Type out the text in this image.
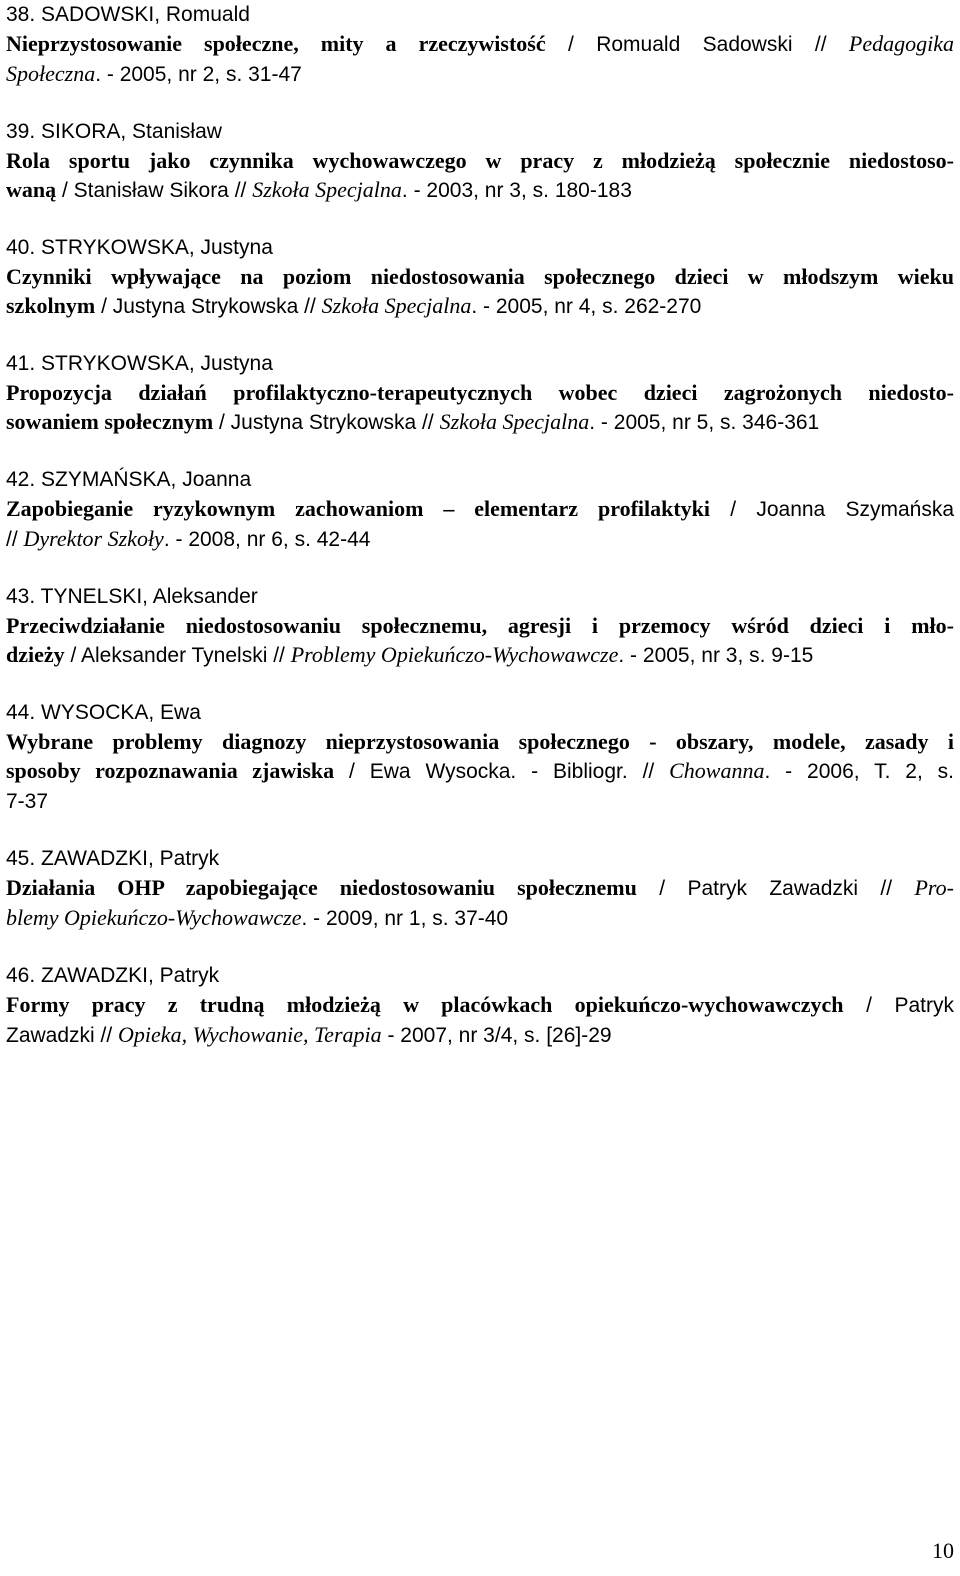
38. SADOWSKI, Romuald
Nieprzystosowanie społeczne, mity a rzeczywistość / Romuald Sadowski // Pedagogika
Społeczna. - 2005, nr 2, s. 31-47
39. SIKORA, Stanisław
Rola sportu jako czynnika wychowawczego w pracy z młodzieżą społecznie niedostoso-
waną / Stanisław Sikora // Szkoła Specjalna. - 2003, nr 3, s. 180-183
40. STRYKOWSKA, Justyna
Czynniki wpływające na poziom niedostosowania społecznego dzieci w młodszym wieku
szkolnym / Justyna Strykowska // Szkoła Specjalna. - 2005, nr 4, s. 262-270
41. STRYKOWSKA, Justyna
Propozycja działań profilaktyczno-terapeutycznych wobec dzieci zagrożonych niedosto-
sowaniem społecznym / Justyna Strykowska // Szkoła Specjalna. - 2005, nr 5, s. 346-361
42. SZYMAŃSKA, Joanna
Zapobieganie ryzykownym zachowaniom – elementarz profilaktyki / Joanna Szymańska
// Dyrektor Szkoły. - 2008, nr 6, s. 42-44
43. TYNELSKI, Aleksander
Przeciwdziałanie niedostosowaniu społecznemu, agresji i przemocy wśród dzieci i mło-
dzieży / Aleksander Tynelski // Problemy Opiekuńczo-Wychowawcze. - 2005, nr 3, s. 9-15
44. WYSOCKA, Ewa
Wybrane problemy diagnozy nieprzystosowania społecznego - obszary, modele, zasady i
sposoby rozpoznawania zjawiska / Ewa Wysocka. - Bibliogr. // Chowanna. - 2006, T. 2, s.
7-37
45. ZAWADZKI, Patryk
Działania OHP zapobiegające niedostosowaniu społecznemu / Patryk Zawadzki // Pro-
blemy Opiekuńczo-Wychowawcze. - 2009, nr 1, s. 37-40
46. ZAWADZKI, Patryk
Formy pracy z trudną młodzieżą w placówkach opiekuńczo-wychowawczych / Patryk
Zawadzki // Opieka, Wychowanie, Terapia - 2007, nr 3/4, s. [26]-29
10
